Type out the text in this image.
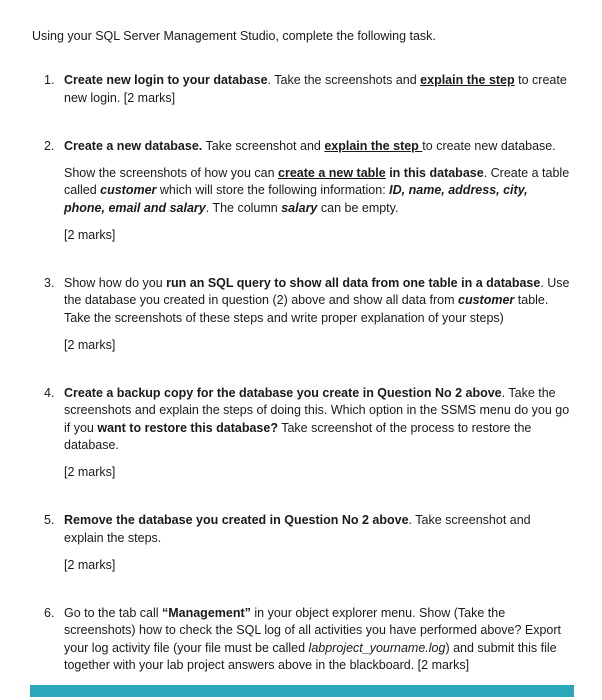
Using your SQL Server Management Studio, complete the following task.

1. Create new login to your database. Take the screenshots and explain the step to create new login. [2 marks]

2. Create a new database. Take screenshot and explain the step to create new database.

Show the screenshots of how you can create a new table in this database. Create a table called customer which will store the following information: ID, name, address, city, phone, email and salary. The column salary can be empty.

[2 marks]

3. Show how do you run an SQL query to show all data from one table in a database. Use the database you created in question (2) above and show all data from customer table. Take the screenshots of these steps and write proper explanation of your steps)

[2 marks]

4. Create a backup copy for the database you create in Question No 2 above. Take the screenshots and explain the steps of doing this. Which option in the SSMS menu do you go if you want to restore this database? Take screenshot of the process to restore the database.

[2 marks]

5. Remove the database you created in Question No 2 above. Take screenshot and explain the steps.

[2 marks]

6. Go to the tab call “Management” in your object explorer menu. Show (Take the screenshots) how to check the SQL log of all activities you have performed above? Export your log activity file (your file must be called labproject_yourname.log) and submit this file together with your lab project answers above in the blackboard. [2 marks]
